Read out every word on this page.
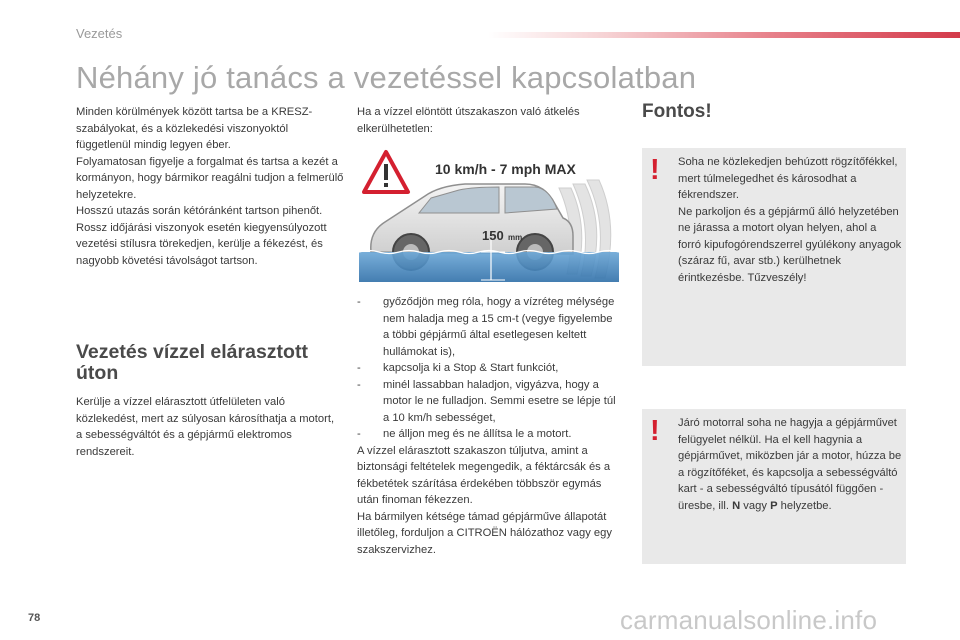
Vezetés
Néhány jó tanács a vezetéssel kapcsolatban

Minden körülmények között tartsa be a KRESZ-szabályokat, és a közlekedési viszonyoktól függetlenül mindig legyen éber.

Folyamatosan figyelje a forgalmat és tartsa a kezét a kormányon, hogy bármikor reagálni tudjon a felmerülő helyzetekre.

Hosszú utazás során kétóránként tartson pihenőt.

Rossz időjárási viszonyok esetén kiegyensúlyozott vezetési stílusra törekedjen, kerülje a fékezést, és nagyobb követési távolságot tartson.

Vezetés vízzel elárasztott úton
Kerülje a vízzel elárasztott útfelületen való közlekedést, mert az súlyosan károsíthatja a motort, a sebességváltót és a gépjármű elektromos rendszereit.
Ha a vízzel elöntött útszakaszon való átkelés elkerülhetetlen:
10 km/h - 7 mph MAX
150 mm
- győződjön meg róla, hogy a vízréteg mélysége nem haladja meg a 15 cm-t (vegye figyelembe a többi gépjármű által esetlegesen keltett hullámokat is),
- kapcsolja ki a Stop & Start funkciót,
- minél lassabban haladjon, vigyázva, hogy a motor le ne fulladjon. Semmi esetre se lépje túl a 10 km/h sebességet,
- ne álljon meg és ne állítsa le a motort.

A vízzel elárasztott szakaszon túljutva, amint a biztonsági feltételek megengedik, a féktárcsák és a fékbetétek szárítása érdekében többször egymás után finoman fékezzen.

Ha bármilyen kétsége támad gépjárműve állapotát illetőleg, forduljon a CITROËN hálózathoz vagy egy szakszervizhez.

Fontos!
! Soha ne közlekedjen behúzott rögzítőfékkel, mert túlmelegedhet és károsodhat a fékrendszer.

Ne parkoljon és a gépjármű álló helyzetében ne járassa a motort olyan helyen, ahol a forró kipufogórendszerrel gyúlékony anyagok (száraz fű, avar stb.) kerülhetnek érintkezésbe. Tűzveszély!

! Járó motorral soha ne hagyja a gépjárművet felügyelet nélkül. Ha el kell hagynia a gépjárművet, miközben jár a motor, húzza be a rögzítőféket, és kapcsolja a sebességváltó kart - a sebességváltó típusától függően - üresbe, ill. N vagy P helyzetbe.
78	carmanualsonline.info
